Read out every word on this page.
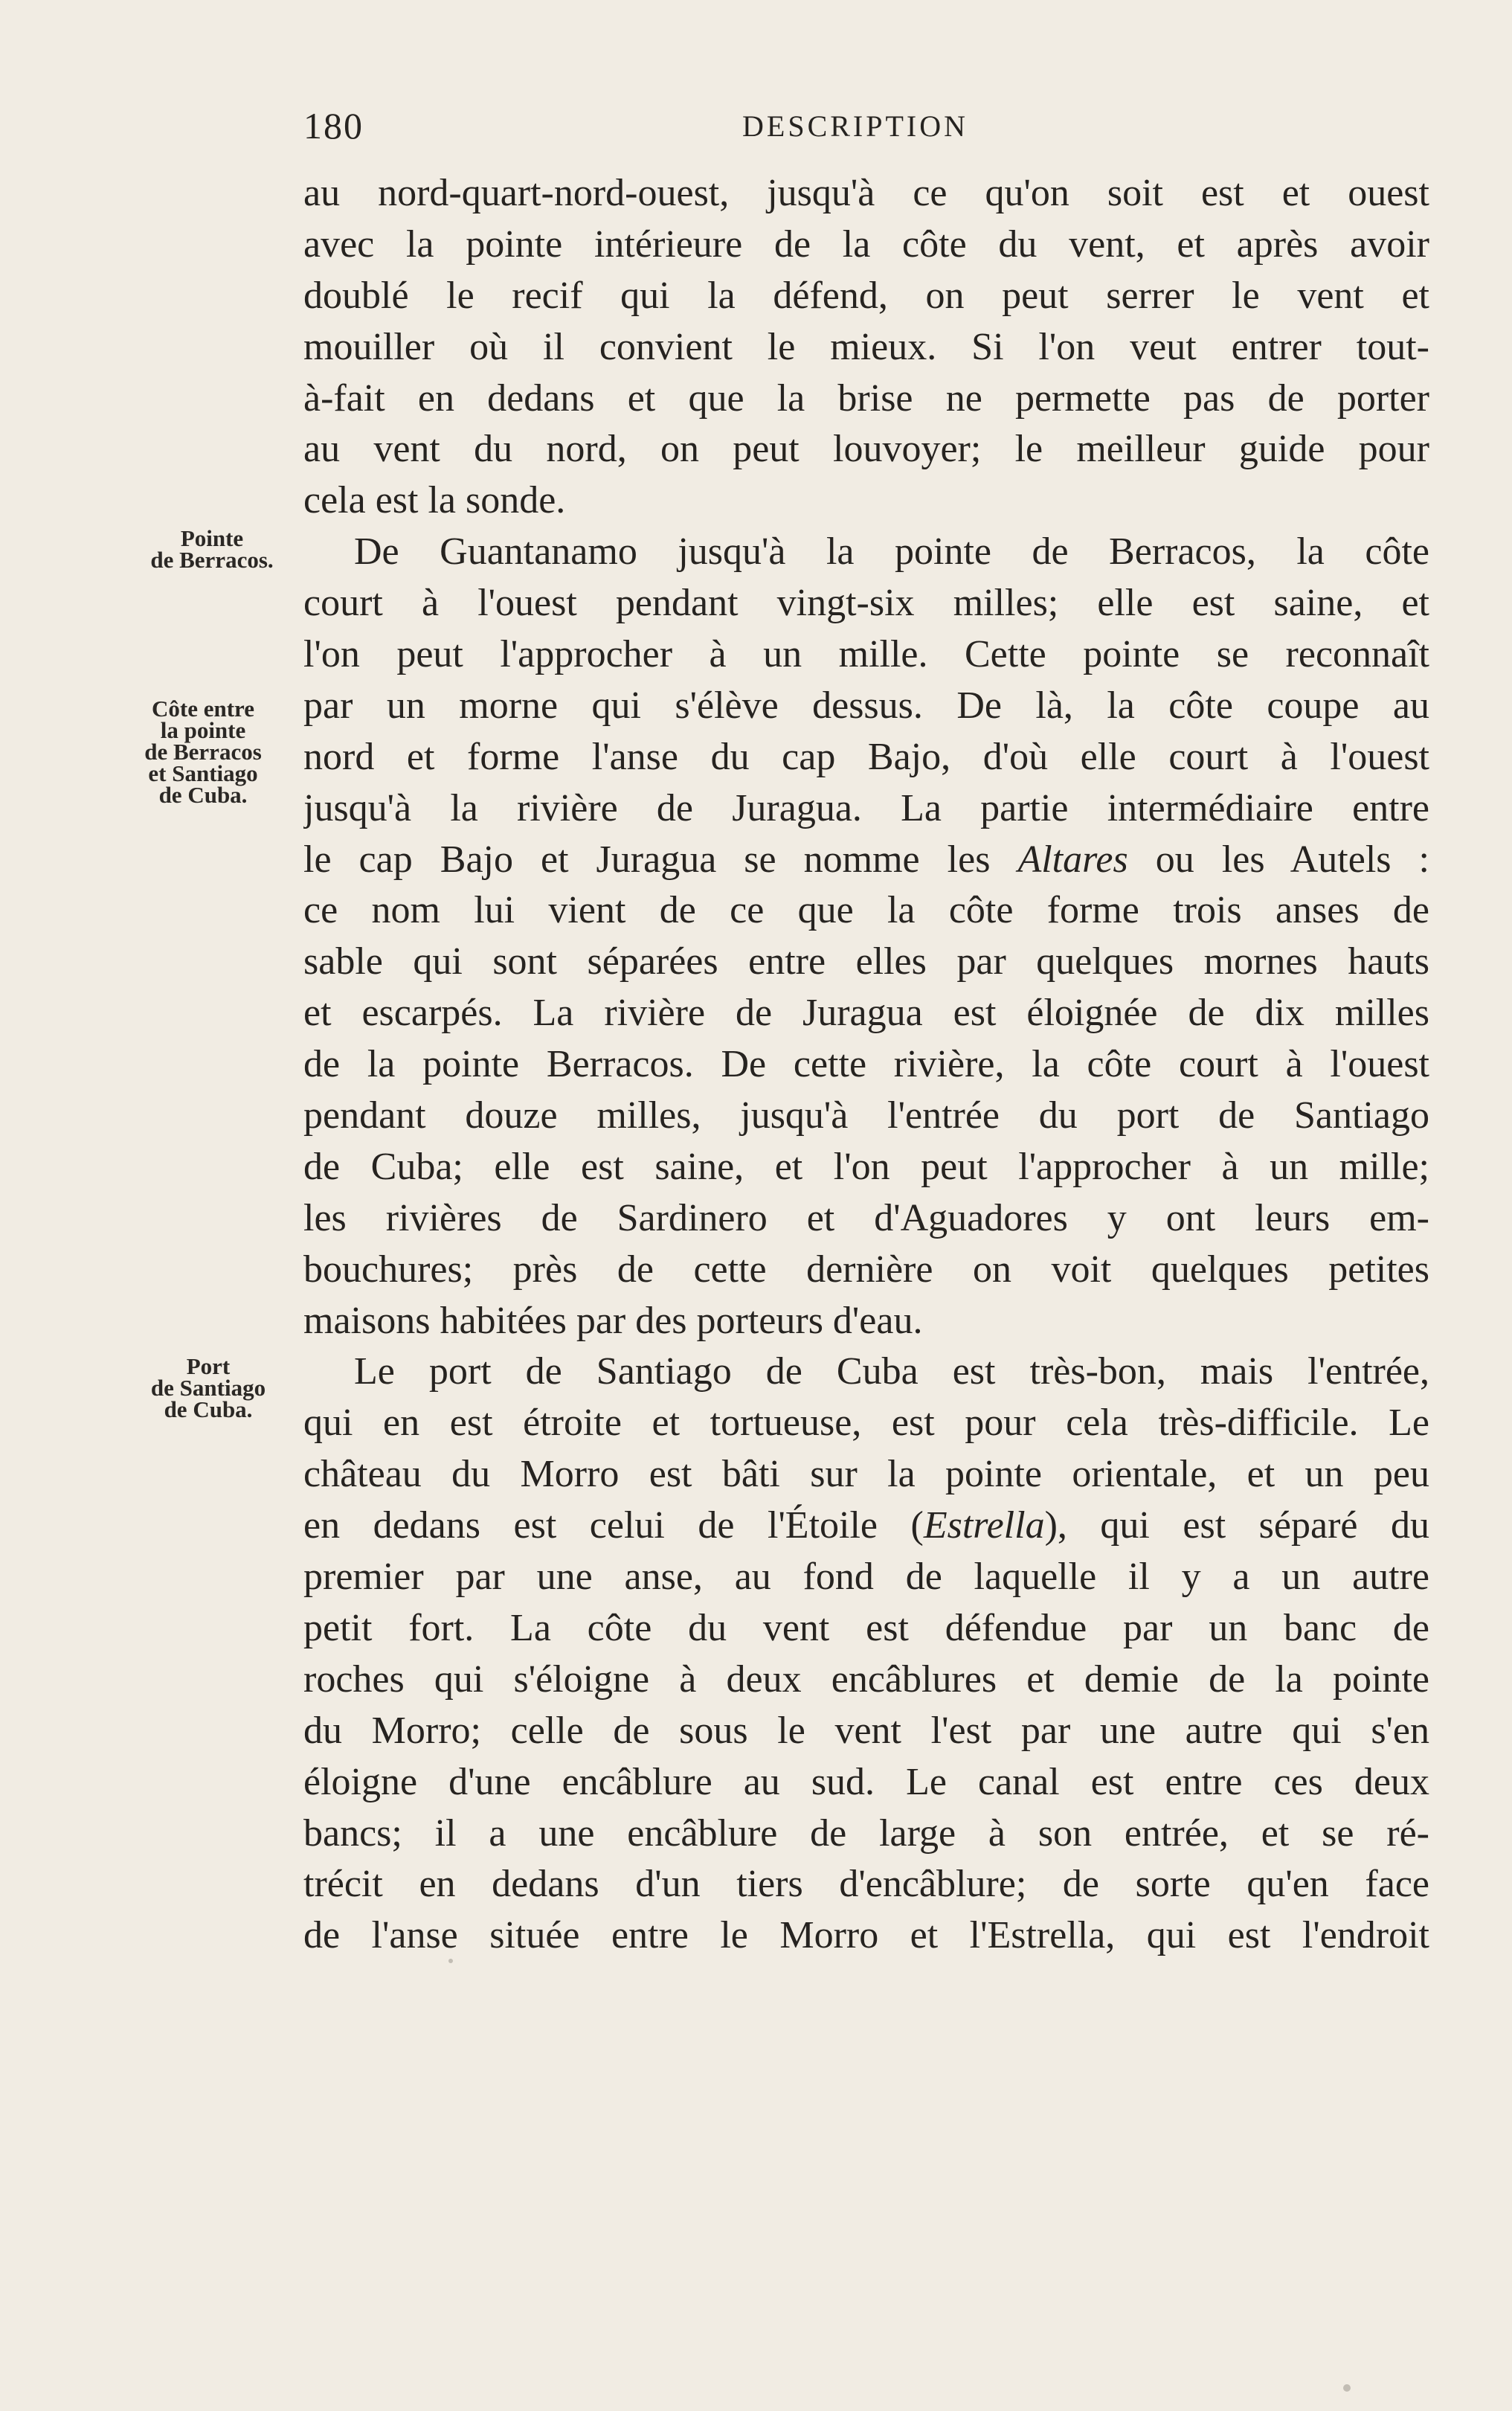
180	DESCRIPTION
Pointe
de Berracos.
Côte entre
la pointe
de Berracos
et Santiago
de Cuba.
Port
de Santiago
de Cuba.
au nord-quart-nord-ouest, jusqu'à ce qu'on soit est et ouest
avec la pointe intérieure de la côte du vent, et après avoir
doublé le recif qui la défend, on peut serrer le vent et
mouiller où il convient le mieux. Si l'on veut entrer tout-
à-fait en dedans et que la brise ne permette pas de porter
au vent du nord, on peut louvoyer; le meilleur guide pour
cela est la sonde.
De Guantanamo jusqu'à la pointe de Berracos, la côte
court à l'ouest pendant vingt-six milles; elle est saine, et
l'on peut l'approcher à un mille. Cette pointe se reconnaît
par un morne qui s'élève dessus. De là, la côte coupe au
nord et forme l'anse du cap Bajo, d'où elle court à l'ouest
jusqu'à la rivière de Juragua. La partie intermédiaire entre
le cap Bajo et Juragua se nomme les Altares ou les Autels :
ce nom lui vient de ce que la côte forme trois anses de
sable qui sont séparées entre elles par quelques mornes hauts
et escarpés. La rivière de Juragua est éloignée de dix milles
de la pointe Berracos. De cette rivière, la côte court à l'ouest
pendant douze milles, jusqu'à l'entrée du port de Santiago
de Cuba; elle est saine, et l'on peut l'approcher à un mille;
les rivières de Sardinero et d'Aguadores y ont leurs em-
bouchures; près de cette dernière on voit quelques petites
maisons habitées par des porteurs d'eau.
Le port de Santiago de Cuba est très-bon, mais l'entrée,
qui en est étroite et tortueuse, est pour cela très-difficile. Le
château du Morro est bâti sur la pointe orientale, et un peu
en dedans est celui de l'Étoile (Estrella), qui est séparé du
premier par une anse, au fond de laquelle il y a un autre
petit fort. La côte du vent est défendue par un banc de
roches qui s'éloigne à deux encâblures et demie de la pointe
du Morro; celle de sous le vent l'est par une autre qui s'en
éloigne d'une encâblure au sud. Le canal est entre ces deux
bancs; il a une encâblure de large à son entrée, et se ré-
trécit en dedans d'un tiers d'encâblure; de sorte qu'en face
de l'anse située entre le Morro et l'Estrella, qui est l'endroit
